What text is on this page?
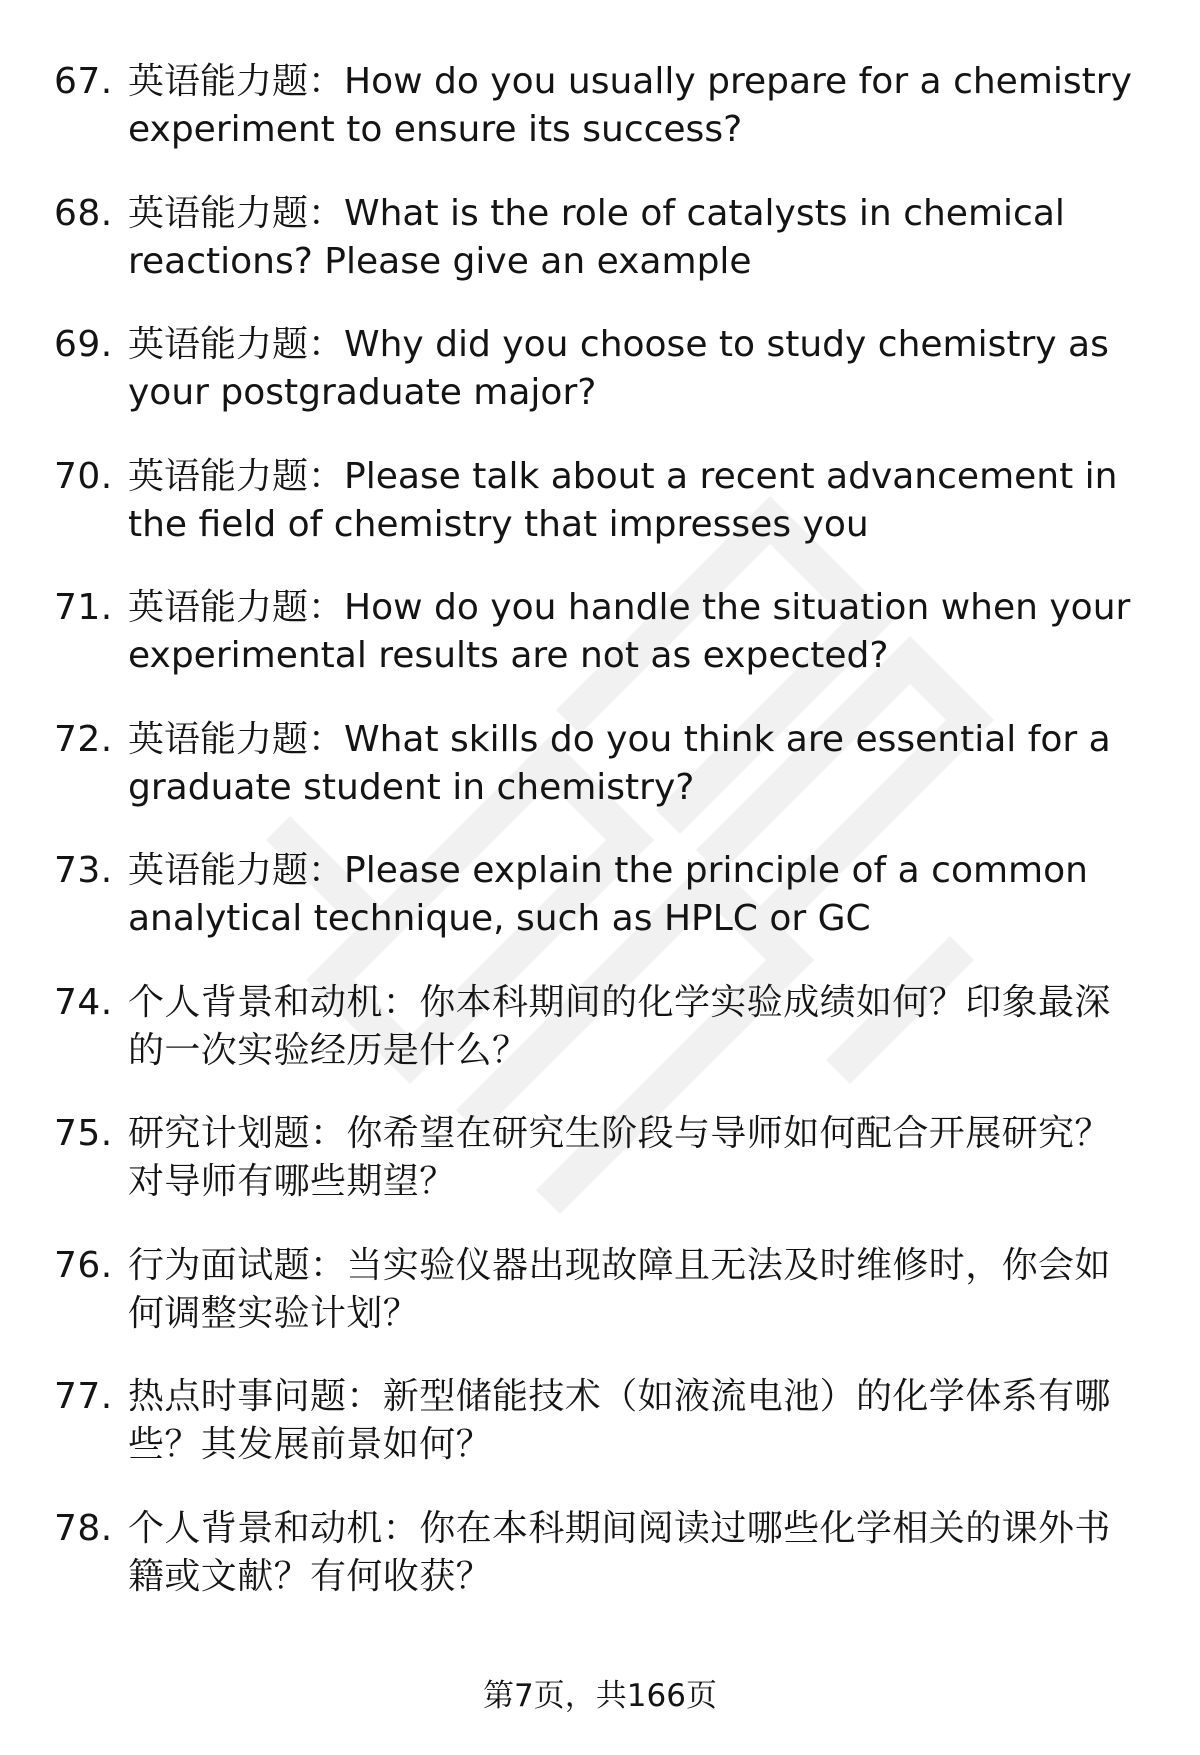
67. 英语能力题：How do you usually prepare for a chemistry experiment to ensure its success?

68. 英语能力题：What is the role of catalysts in chemical reactions? Please give an example

69. 英语能力题：Why did you choose to study chemistry as your postgraduate major?

70. 英语能力题：Please talk about a recent advancement in the field of chemistry that impresses you

71. 英语能力题：How do you handle the situation when your experimental results are not as expected?

72. 英语能力题：What skills do you think are essential for a graduate student in chemistry?

73. 英语能力题：Please explain the principle of a common analytical technique, such as HPLC or GC

74. 个人背景和动机：你本科期间的化学实验成绩如何？印象最深的一次实验经历是什么？

75. 研究计划题：你希望在研究生阶段与导师如何配合开展研究？对导师有哪些期望？

76. 行为面试题：当实验仪器出现故障且无法及时维修时，你会如何调整实验计划？

77. 热点时事问题：新型储能技术（如液流电池）的化学体系有哪些？其发展前景如何？

78. 个人背景和动机：你在本科期间阅读过哪些化学相关的课外书籍或文献？有何收获？

第7页，共166页
